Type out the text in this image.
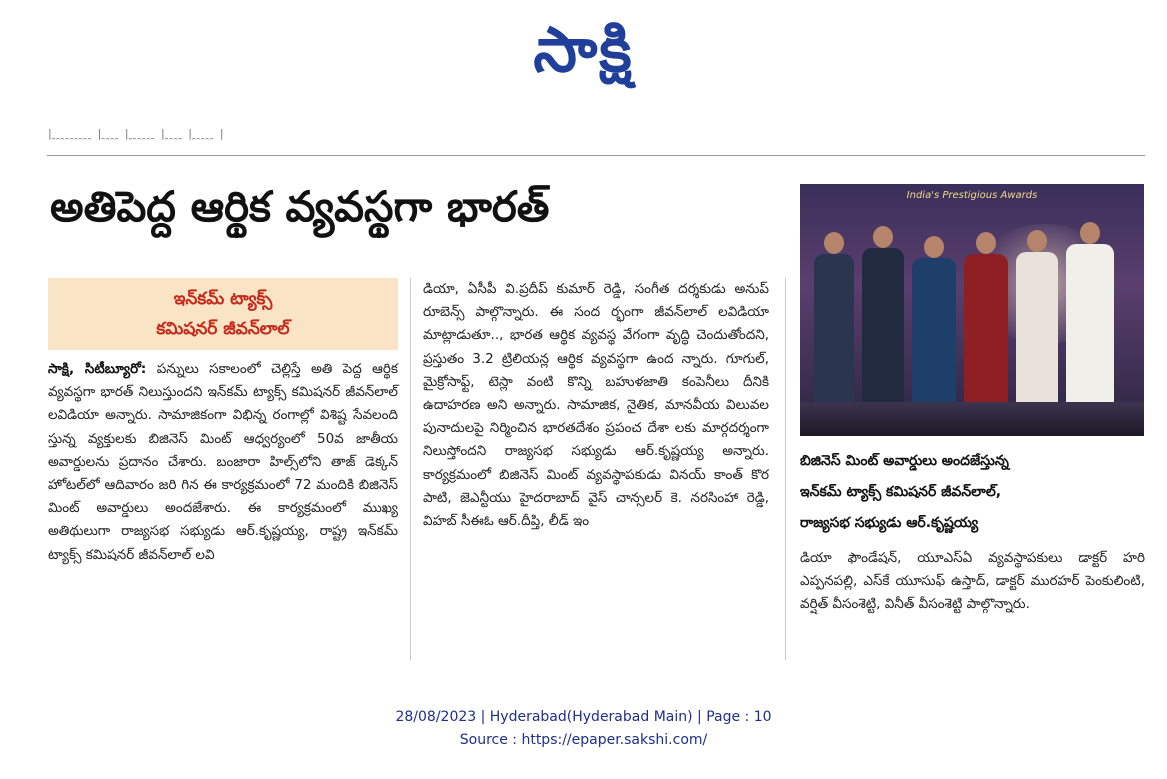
సాక్షి
| ̯ ̯ ̯ ̯ ̯ ̯ ̯ ̯ ̯ | ̯ ̯ ̯ ̯ | ̯ ̯ ̯ ̯ ̯ ̯ | ̯ ̯ ̯ ̯ | ̯ ̯ ̯ ̯ ̯ |
అతిపెద్ద ఆర్థిక వ్యవస్థగా భారత్
ఇన్‌కమ్‌ ట్యాక్స్‌
కమిషనర్‌ జీవన్‌లాల్‌
సాక్షి, సిటీబ్యూరో: పన్నులు సకాలంలో చెల్లిస్తే అతి పెద్ద ఆర్థిక వ్యవస్థగా భారత్‌ నిలుస్తుందని ఇన్‌కమ్‌ ట్యాక్స్‌ కమిషనర్‌ జీవన్‌లాల్‌ లవిడియా అన్నారు. సామాజికంగా విభిన్న రంగాల్లో విశిష్ట సేవలంది స్తున్న వ్యక్తులకు బిజినెస్‌ మింట్‌ ఆధ్వర్యంలో 50వ జాతీయ అవార్డులను ప్రదానం చేశారు. బంజారా హిల్స్‌లోని తాజ్‌ డెక్కన్‌ హోటల్‌లో ఆదివారం జరి గిన ఈ కార్యక్రమంలో 72 మందికి బిజినెస్‌ మింట్‌ అవార్డులు అందజేశారు. ఈ కార్యక్రమంలో ముఖ్య అతిథులుగా రాజ్యసభ సభ్యుడు ఆర్‌.కృష్ణయ్య, రాష్ట్ర ఇన్‌కమ్‌ ట్యాక్స్‌ కమిషనర్‌ జీవన్‌లాల్‌ లవి
డియా, ఏసీపీ వి.ప్రదీప్‌ కుమార్‌ రెడ్డి, సంగీత దర్శకుడు అనుప్‌ రూబెన్స్‌ పాల్గొన్నారు. ఈ సంద ర్భంగా జీవన్‌లాల్‌ లవిడియా మాట్లాడుతూ.., భారత ఆర్థిక వ్యవస్థ వేగంగా వృద్ధి చెందుతోందని, ప్రస్తుతం 3.2 ట్రిలియన్ల ఆర్థిక వ్యవస్థగా ఉంద న్నారు. గూగుల్‌, మైక్రోసాఫ్ట్‌, టెస్లా వంటి కొన్ని బహుళజాతి కంపెనీలు దీనికి ఉదాహరణ అని అన్నారు. సామాజిక, నైతిక, మానవీయ విలువల పునాదులపై నిర్మించిన భారతదేశం ప్రపంచ దేశా లకు మార్గదర్శంగా నిలుస్తోందని రాజ్యసభ సభ్యుడు ఆర్‌.కృష్ణయ్య అన్నారు. కార్యక్రమంలో బిజినెస్‌ మింట్‌ వ్యవస్థాపకుడు వినయ్‌ కాంత్‌ కొర పాటి, జెఎన్టీయు హైదరాబాద్‌ వైస్‌ చాన్సలర్‌ కె. నరసింహా రెడ్డి, విహబ్‌ సీఈఓ ఆర్‌.దీప్తి, లీడ్‌ ఇం
India's Prestigious Awards
బిజినెస్‌ మింట్‌ అవార్డులు అందజేస్తున్న
ఇన్‌కమ్‌ ట్యాక్స్‌ కమిషనర్‌ జీవన్‌లాల్‌,
రాజ్యసభ సభ్యుడు ఆర్‌.కృష్ణయ్య
డియా ఫౌండేషన్‌, యూఎస్‌ఏ వ్యవస్థాపకులు డాక్టర్‌ హరి ఎప్పనపల్లి, ఎస్‌కే యూసుఫ్‌ ఉస్తాద్‌, డాక్టర్‌ మురహర్‌ పెంకులింటి, వర్షిత్‌ వీసంశెట్టి, వినీత్‌ వీసంశెట్టి పాల్గొన్నారు.
28/08/2023 | Hyderabad(Hyderabad Main) | Page : 10
Source : https://epaper.sakshi.com/
